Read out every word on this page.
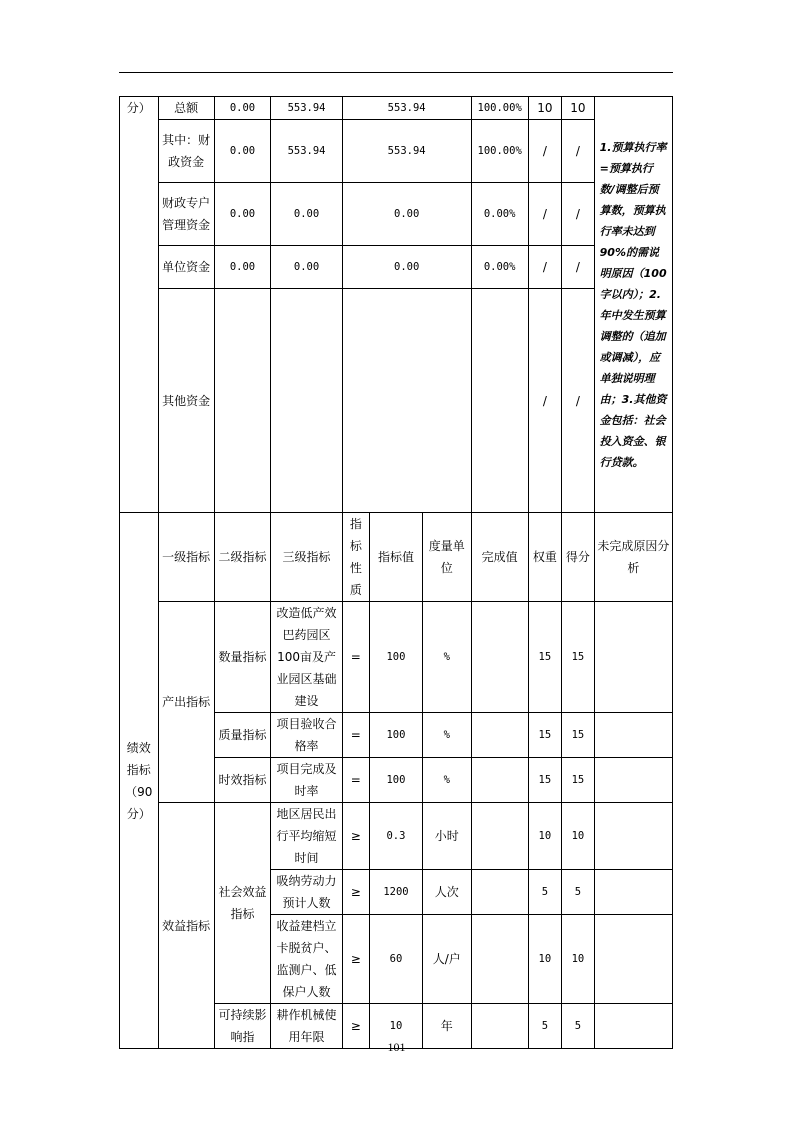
分）	总额	0.00	553.94	553.94			100.00%	10	10	1.预算执行率=预算执行数/调整后预算数，预算执行率未达到90%的需说明原因（100字以内）；2.年中发生预算调整的（追加或调减），应单独说明理由；3.其他资金包括：社会投入资金、银行贷款。

	其中：财政资金	0.00	553.94	553.94			100.00%	/	/	
	财政专户管理资金	0.00	0.00	0.00			0.00%	/	/	
	单位资金	0.00	0.00	0.00			0.00%	/	/	
	其他资金							/	/	
绩效指标（90分）	一级指标	二级指标	三级指标	指标性质	指标值	度量单位	完成值	权重	得分	未完成原因分析
	产出指标	数量指标	改造低产效巴药园区100亩及产业园区基础建设	=	100	%		15	15	
		质量指标	项目验收合格率	=	100	%		15	15	
		时效指标	项目完成及时率	=	100	%		15	15	
	效益指标	社会效益指标	地区居民出行平均缩短时间	≥	0.3	小时		10	10	
			吸纳劳动力预计人数	≥	1200	人次		5	5	
			收益建档立卡脱贫户、监测户、低保户人数	≥	60	人/户		10	10	
		可持续影响指	耕作机械使用年限	≥	10	年		5	5	
101
